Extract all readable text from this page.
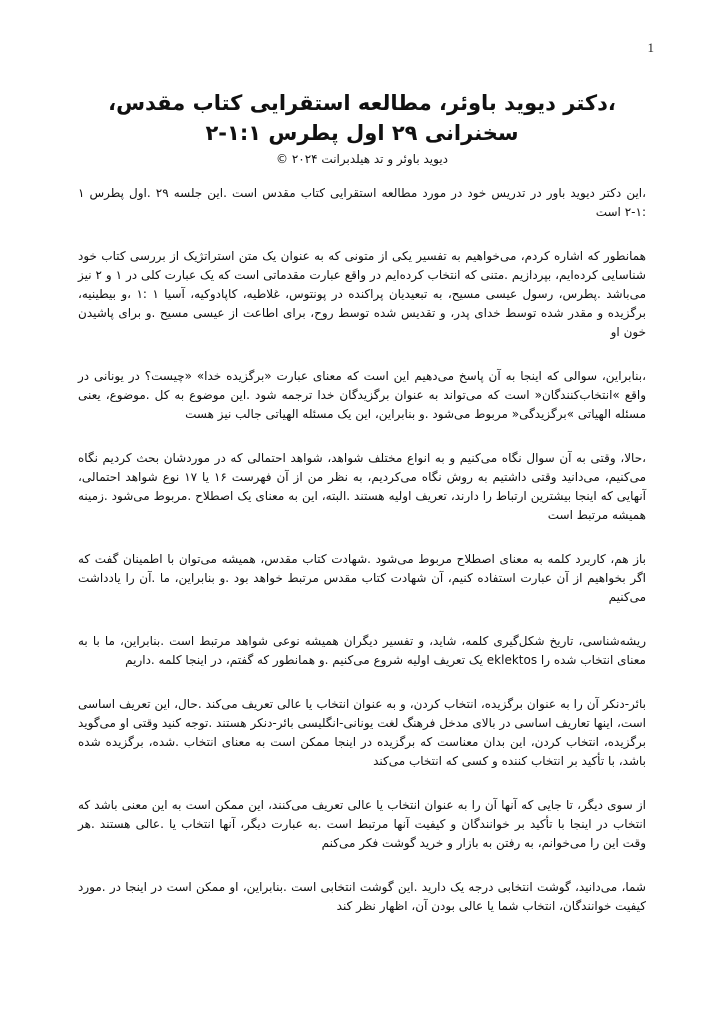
1
،دکتر دیوید باوئر، مطالعه استقرایی کتاب مقدس، سخنرانی ۲۹ اول پطرس ۱:۱-۲
دیوید باوئر و تد هیلدبرانت ۲۰۲۴ ©

،این دکتر دیوید باور در تدریس خود در مورد مطالعه استقرایی کتاب مقدس است .این جلسه ۲۹ .اول پطرس ۱ :۱-۲ است

همانطور که اشاره کردم، می‌خواهیم به تفسیر یکی از متونی که به عنوان یک متن استراتژیک از بررسی کتاب خود شناسایی کرده‌ایم، بپردازیم .متنی که انتخاب کرده‌ایم در واقع عبارت مقدماتی است که یک عبارت کلی در ۱ و ۲ نیز می‌باشد .پطرس، رسول عیسی مسیح، به تبعیدیان پراکنده در پونتوس، غلاطیه، کاپادوکیه، آسیا ۱ :۱ ،و بیطینیه، برگزیده و مقدر شده توسط خدای پدر، و تقدیس شده توسط روح، برای اطاعت از عیسی مسیح .و برای پاشیدن خون او

،بنابراین، سوالی که اینجا به آن پاسخ می‌دهیم این است که معنای عبارت «برگزیده خدا» «چیست؟ در یونانی در واقع »انتخاب‌کنندگان« است که می‌تواند به عنوان برگزیدگان خدا ترجمه شود .این موضوع به کل .موضوع، یعنی مسئله الهیاتی »برگزیدگی« مربوط می‌شود .و بنابراین، این یک مسئله الهیاتی جالب نیز هست

،حالا، وقتی به آن سوال نگاه می‌کنیم و به انواع مختلف شواهد، شواهد احتمالی که در موردشان بحث کردیم نگاه می‌کنیم، می‌دانید وقتی داشتیم به روش نگاه می‌کردیم، به نظر من از آن فهرست ۱۶ یا ۱۷ نوع شواهد احتمالی، آنهایی که اینجا بیشترین ارتباط را دارند، تعریف اولیه هستند .البته، این به معنای یک اصطلاح .مربوط می‌شود .زمینه همیشه مرتبط است

باز هم، کاربرد کلمه به معنای اصطلاح مربوط می‌شود .شهادت کتاب مقدس، همیشه می‌توان با اطمینان گفت که اگر بخواهیم از آن عبارت استفاده کنیم، آن شهادت کتاب مقدس مرتبط خواهد بود .و بنابراین، ما .آن را یادداشت می‌کنیم

ریشه‌شناسی، تاریخ شکل‌گیری کلمه، شاید، و تفسیر دیگران همیشه نوعی شواهد مرتبط است .بنابراین، ما با به معنای انتخاب شده را eklektos یک تعریف اولیه شروع می‌کنیم .و همانطور که گفتم، در اینجا کلمه .داریم

بائر-دنکر آن را به عنوان برگزیده، انتخاب کردن، و به عنوان انتخاب یا عالی تعریف می‌کند .حال، این تعریف اساسی است، اینها تعاریف اساسی در بالای مدخل فرهنگ لغت یونانی-انگلیسی بائر-دنکر هستند .توجه کنید وقتی او می‌گوید برگزیده، انتخاب کردن، این بدان معناست که برگزیده در اینجا ممکن است به معنای انتخاب .شده، برگزیده شده باشد، با تأکید بر انتخاب کننده و کسی که انتخاب می‌کند

از سوی دیگر، تا جایی که آنها آن را به عنوان انتخاب یا عالی تعریف می‌کنند، این ممکن است به این معنی باشد که انتخاب در اینجا با تأکید بر خوانندگان و کیفیت آنها مرتبط است .به عبارت دیگر، آنها انتخاب یا .عالی هستند .هر وقت این را می‌خوانم، به رفتن به بازار و خرید گوشت فکر می‌کنم

شما، می‌دانید، گوشت انتخابی درجه یک دارید .این گوشت انتخابی است .بنابراین، او ممکن است در اینجا در .مورد کیفیت خوانندگان، انتخاب شما یا عالی بودن آن، اظهار نظر کند
